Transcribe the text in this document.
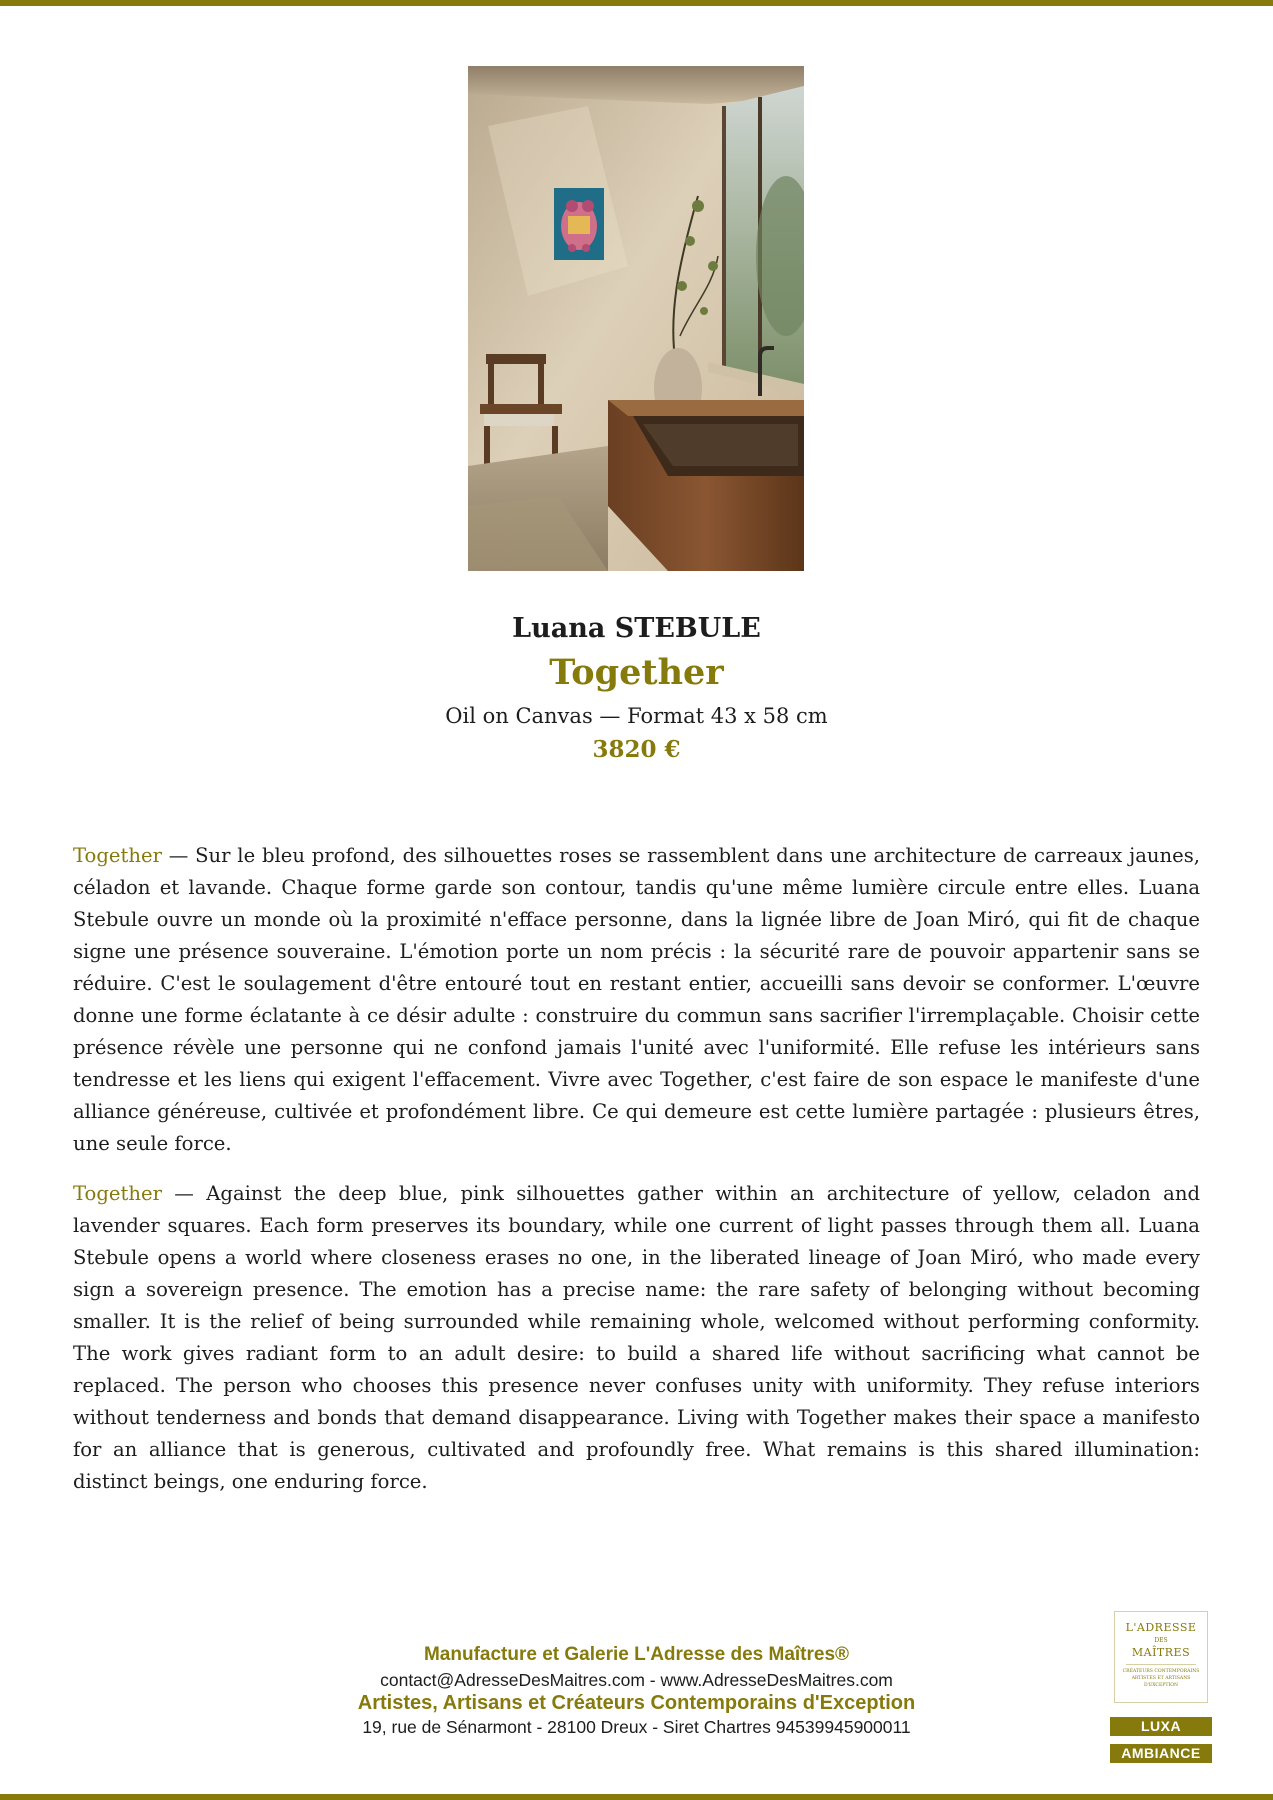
Luana STEBULE
Together
Oil on Canvas — Format 43 x 58 cm
3820 €

Together — Sur le bleu profond, des silhouettes roses se rassemblent dans une architecture de carreaux jaunes, céladon et lavande. Chaque forme garde son contour, tandis qu'une même lumière circule entre elles. Luana Stebule ouvre un monde où la proximité n'efface personne, dans la lignée libre de Joan Miró, qui fit de chaque signe une présence souveraine. L'émotion porte un nom précis : la sécurité rare de pouvoir appartenir sans se réduire. C'est le soulagement d'être entouré tout en restant entier, accueilli sans devoir se conformer. L'œuvre donne une forme éclatante à ce désir adulte : construire du commun sans sacrifier l'irremplaçable. Choisir cette présence révèle une personne qui ne confond jamais l'unité avec l'uniformité. Elle refuse les intérieurs sans tendresse et les liens qui exigent l'effacement. Vivre avec Together, c'est faire de son espace le manifeste d'une alliance généreuse, cultivée et profondément libre. Ce qui demeure est cette lumière partagée : plusieurs êtres, une seule force.

Together — Against the deep blue, pink silhouettes gather within an architecture of yellow, celadon and lavender squares. Each form preserves its boundary, while one current of light passes through them all. Luana Stebule opens a world where closeness erases no one, in the liberated lineage of Joan Miró, who made every sign a sovereign presence. The emotion has a precise name: the rare safety of belonging without becoming smaller. It is the relief of being surrounded while remaining whole, welcomed without performing conformity. The work gives radiant form to an adult desire: to build a shared life without sacrificing what cannot be replaced. The person who chooses this presence never confuses unity with uniformity. They refuse interiors without tenderness and bonds that demand disappearance. Living with Together makes their space a manifesto for an alliance that is generous, cultivated and profoundly free. What remains is this shared illumination: distinct beings, one enduring force.

Manufacture et Galerie L'Adresse des Maîtres®
contact@AdresseDesMaitres.com - www.AdresseDesMaitres.com
Artistes, Artisans et Créateurs Contemporains d'Exception
19, rue de Sénarmont - 28100 Dreux - Siret Chartres 94539945900011
L'ADRESSE
DES
MAÎTRES
CRÉATEURS CONTEMPORAINS ARTISTES ET ARTISANS D'EXCEPTION
LUXA
AMBIANCE
